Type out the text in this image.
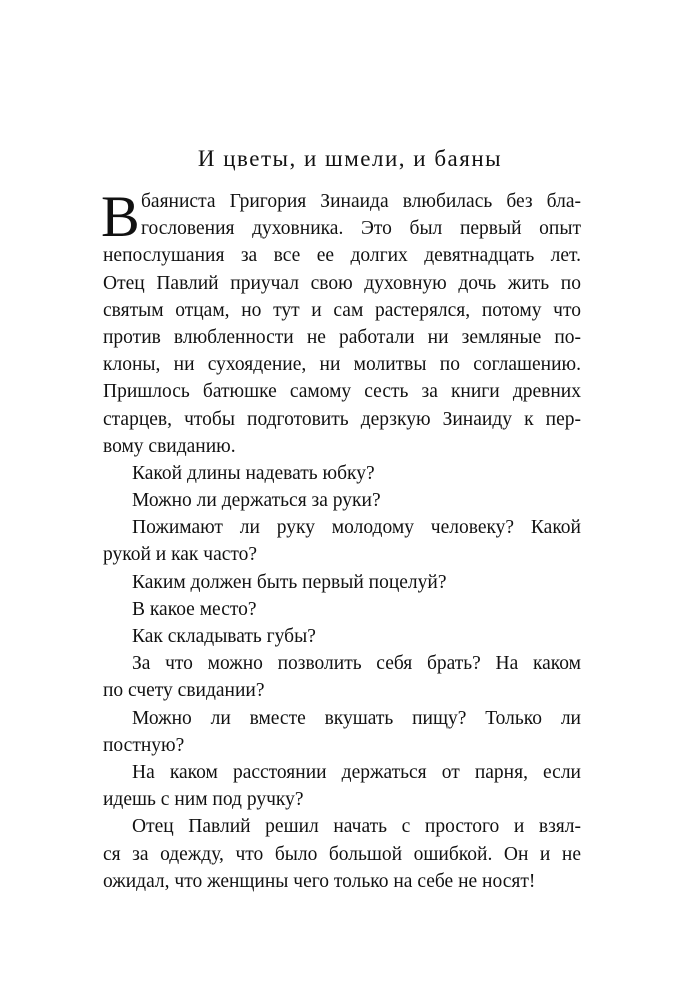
И цветы, и шмели, и баяны
В баяниста Григория Зинаида влюбилась без бла-
гословения духовника. Это был первый опыт
непослушания за все ее долгих девятнадцать лет.
Отец Павлий приучал свою духовную дочь жить по
святым отцам, но тут и сам растерялся, потому что
против влюбленности не работали ни земляные по-
клоны, ни сухоядение, ни молитвы по соглашению.
Пришлось батюшке самому сесть за книги древних
старцев, чтобы подготовить дерзкую Зинаиду к пер-
вому свиданию.
Какой длины надевать юбку?
Можно ли держаться за руки?
Пожимают ли руку молодому человеку? Какой
рукой и как часто?
Каким должен быть первый поцелуй?
В какое место?
Как складывать губы?
За что можно позволить себя брать? На каком
по счету свидании?
Можно ли вместе вкушать пищу? Только ли
постную?
На каком расстоянии держаться от парня, если
идешь с ним под ручку?
Отец Павлий решил начать с простого и взял-
ся за одежду, что было большой ошибкой. Он и не
ожидал, что женщины чего только на себе не носят!
